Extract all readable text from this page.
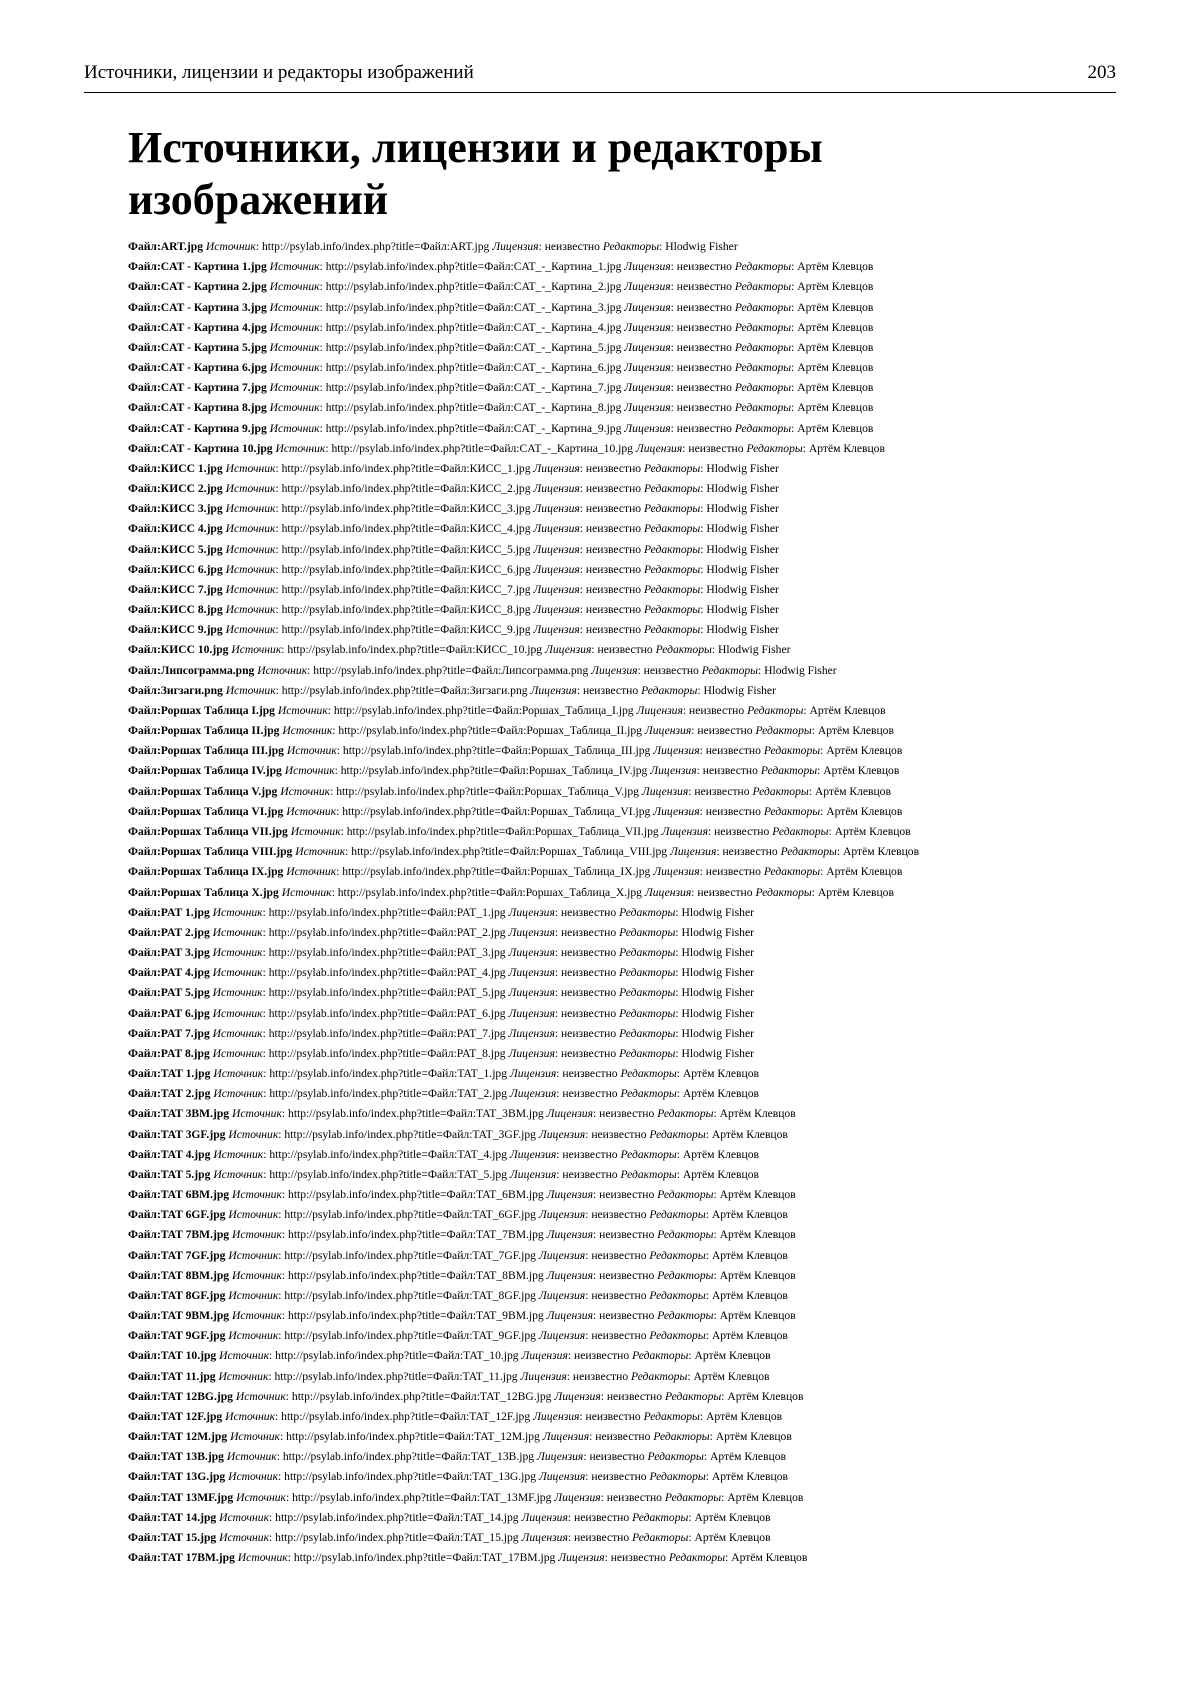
Источники, лицензии и редакторы изображений	203
Источники, лицензии и редакторы изображений
Файл:ART.jpg Источник: http://psylab.info/index.php?title=Файл:ART.jpg Лицензия: неизвестно Редакторы: Hlodwig Fisher
Файл:CAT - Картина 1.jpg Источник: http://psylab.info/index.php?title=Файл:CAT_-_Картина_1.jpg Лицензия: неизвестно Редакторы: Артём Клевцов
Файл:CAT - Картина 2.jpg Источник: http://psylab.info/index.php?title=Файл:CAT_-_Картина_2.jpg Лицензия: неизвестно Редакторы: Артём Клевцов
Файл:CAT - Картина 3.jpg Источник: http://psylab.info/index.php?title=Файл:CAT_-_Картина_3.jpg Лицензия: неизвестно Редакторы: Артём Клевцов
Файл:CAT - Картина 4.jpg Источник: http://psylab.info/index.php?title=Файл:CAT_-_Картина_4.jpg Лицензия: неизвестно Редакторы: Артём Клевцов
Файл:CAT - Картина 5.jpg Источник: http://psylab.info/index.php?title=Файл:CAT_-_Картина_5.jpg Лицензия: неизвестно Редакторы: Артём Клевцов
Файл:CAT - Картина 6.jpg Источник: http://psylab.info/index.php?title=Файл:CAT_-_Картина_6.jpg Лицензия: неизвестно Редакторы: Артём Клевцов
Файл:CAT - Картина 7.jpg Источник: http://psylab.info/index.php?title=Файл:CAT_-_Картина_7.jpg Лицензия: неизвестно Редакторы: Артём Клевцов
Файл:CAT - Картина 8.jpg Источник: http://psylab.info/index.php?title=Файл:CAT_-_Картина_8.jpg Лицензия: неизвестно Редакторы: Артём Клевцов
Файл:CAT - Картина 9.jpg Источник: http://psylab.info/index.php?title=Файл:CAT_-_Картина_9.jpg Лицензия: неизвестно Редакторы: Артём Клевцов
Файл:CAT - Картина 10.jpg Источник: http://psylab.info/index.php?title=Файл:CAT_-_Картина_10.jpg Лицензия: неизвестно Редакторы: Артём Клевцов
Файл:КИСС 1.jpg Источник: http://psylab.info/index.php?title=Файл:КИСС_1.jpg Лицензия: неизвестно Редакторы: Hlodwig Fisher
Файл:КИСС 2.jpg Источник: http://psylab.info/index.php?title=Файл:КИСС_2.jpg Лицензия: неизвестно Редакторы: Hlodwig Fisher
Файл:КИСС 3.jpg Источник: http://psylab.info/index.php?title=Файл:КИСС_3.jpg Лицензия: неизвестно Редакторы: Hlodwig Fisher
Файл:КИСС 4.jpg Источник: http://psylab.info/index.php?title=Файл:КИСС_4.jpg Лицензия: неизвестно Редакторы: Hlodwig Fisher
Файл:КИСС 5.jpg Источник: http://psylab.info/index.php?title=Файл:КИСС_5.jpg Лицензия: неизвестно Редакторы: Hlodwig Fisher
Файл:КИСС 6.jpg Источник: http://psylab.info/index.php?title=Файл:КИСС_6.jpg Лицензия: неизвестно Редакторы: Hlodwig Fisher
Файл:КИСС 7.jpg Источник: http://psylab.info/index.php?title=Файл:КИСС_7.jpg Лицензия: неизвестно Редакторы: Hlodwig Fisher
Файл:КИСС 8.jpg Источник: http://psylab.info/index.php?title=Файл:КИСС_8.jpg Лицензия: неизвестно Редакторы: Hlodwig Fisher
Файл:КИСС 9.jpg Источник: http://psylab.info/index.php?title=Файл:КИСС_9.jpg Лицензия: неизвестно Редакторы: Hlodwig Fisher
Файл:КИСС 10.jpg Источник: http://psylab.info/index.php?title=Файл:КИСС_10.jpg Лицензия: неизвестно Редакторы: Hlodwig Fisher
Файл:Липсограмма.png Источник: http://psylab.info/index.php?title=Файл:Липсограмма.png Лицензия: неизвестно Редакторы: Hlodwig Fisher
Файл:Зигзаги.png Источник: http://psylab.info/index.php?title=Файл:Зигзаги.png Лицензия: неизвестно Редакторы: Hlodwig Fisher
Файл:Роршах Таблица I.jpg Источник: http://psylab.info/index.php?title=Файл:Роршах_Таблица_I.jpg Лицензия: неизвестно Редакторы: Артём Клевцов
Файл:Роршах Таблица II.jpg Источник: http://psylab.info/index.php?title=Файл:Роршах_Таблица_II.jpg Лицензия: неизвестно Редакторы: Артём Клевцов
Файл:Роршах Таблица III.jpg Источник: http://psylab.info/index.php?title=Файл:Роршах_Таблица_III.jpg Лицензия: неизвестно Редакторы: Артём Клевцов
Файл:Роршах Таблица IV.jpg Источник: http://psylab.info/index.php?title=Файл:Роршах_Таблица_IV.jpg Лицензия: неизвестно Редакторы: Артём Клевцов
Файл:Роршах Таблица V.jpg Источник: http://psylab.info/index.php?title=Файл:Роршах_Таблица_V.jpg Лицензия: неизвестно Редакторы: Артём Клевцов
Файл:Роршах Таблица VI.jpg Источник: http://psylab.info/index.php?title=Файл:Роршах_Таблица_VI.jpg Лицензия: неизвестно Редакторы: Артём Клевцов
Файл:Роршах Таблица VII.jpg Источник: http://psylab.info/index.php?title=Файл:Роршах_Таблица_VII.jpg Лицензия: неизвестно Редакторы: Артём Клевцов
Файл:Роршах Таблица VIII.jpg Источник: http://psylab.info/index.php?title=Файл:Роршах_Таблица_VIII.jpg Лицензия: неизвестно Редакторы: Артём Клевцов
Файл:Роршах Таблица IX.jpg Источник: http://psylab.info/index.php?title=Файл:Роршах_Таблица_IX.jpg Лицензия: неизвестно Редакторы: Артём Клевцов
Файл:Роршах Таблица X.jpg Источник: http://psylab.info/index.php?title=Файл:Роршах_Таблица_X.jpg Лицензия: неизвестно Редакторы: Артём Клевцов
Файл:PAT 1.jpg Источник: http://psylab.info/index.php?title=Файл:PAT_1.jpg Лицензия: неизвестно Редакторы: Hlodwig Fisher
Файл:PAT 2.jpg Источник: http://psylab.info/index.php?title=Файл:PAT_2.jpg Лицензия: неизвестно Редакторы: Hlodwig Fisher
Файл:PAT 3.jpg Источник: http://psylab.info/index.php?title=Файл:PAT_3.jpg Лицензия: неизвестно Редакторы: Hlodwig Fisher
Файл:PAT 4.jpg Источник: http://psylab.info/index.php?title=Файл:PAT_4.jpg Лицензия: неизвестно Редакторы: Hlodwig Fisher
Файл:PAT 5.jpg Источник: http://psylab.info/index.php?title=Файл:PAT_5.jpg Лицензия: неизвестно Редакторы: Hlodwig Fisher
Файл:PAT 6.jpg Источник: http://psylab.info/index.php?title=Файл:PAT_6.jpg Лицензия: неизвестно Редакторы: Hlodwig Fisher
Файл:PAT 7.jpg Источник: http://psylab.info/index.php?title=Файл:PAT_7.jpg Лицензия: неизвестно Редакторы: Hlodwig Fisher
Файл:PAT 8.jpg Источник: http://psylab.info/index.php?title=Файл:PAT_8.jpg Лицензия: неизвестно Редакторы: Hlodwig Fisher
Файл:TAT 1.jpg Источник: http://psylab.info/index.php?title=Файл:TAT_1.jpg Лицензия: неизвестно Редакторы: Артём Клевцов
Файл:TAT 2.jpg Источник: http://psylab.info/index.php?title=Файл:TAT_2.jpg Лицензия: неизвестно Редакторы: Артём Клевцов
Файл:TAT 3BM.jpg Источник: http://psylab.info/index.php?title=Файл:TAT_3BM.jpg Лицензия: неизвестно Редакторы: Артём Клевцов
Файл:TAT 3GF.jpg Источник: http://psylab.info/index.php?title=Файл:TAT_3GF.jpg Лицензия: неизвестно Редакторы: Артём Клевцов
Файл:TAT 4.jpg Источник: http://psylab.info/index.php?title=Файл:TAT_4.jpg Лицензия: неизвестно Редакторы: Артём Клевцов
Файл:TAT 5.jpg Источник: http://psylab.info/index.php?title=Файл:TAT_5.jpg Лицензия: неизвестно Редакторы: Артём Клевцов
Файл:TAT 6BM.jpg Источник: http://psylab.info/index.php?title=Файл:TAT_6BM.jpg Лицензия: неизвестно Редакторы: Артём Клевцов
Файл:TAT 6GF.jpg Источник: http://psylab.info/index.php?title=Файл:TAT_6GF.jpg Лицензия: неизвестно Редакторы: Артём Клевцов
Файл:TAT 7BM.jpg Источник: http://psylab.info/index.php?title=Файл:TAT_7BM.jpg Лицензия: неизвестно Редакторы: Артём Клевцов
Файл:TAT 7GF.jpg Источник: http://psylab.info/index.php?title=Файл:TAT_7GF.jpg Лицензия: неизвестно Редакторы: Артём Клевцов
Файл:TAT 8BM.jpg Источник: http://psylab.info/index.php?title=Файл:TAT_8BM.jpg Лицензия: неизвестно Редакторы: Артём Клевцов
Файл:TAT 8GF.jpg Источник: http://psylab.info/index.php?title=Файл:TAT_8GF.jpg Лицензия: неизвестно Редакторы: Артём Клевцов
Файл:TAT 9BM.jpg Источник: http://psylab.info/index.php?title=Файл:TAT_9BM.jpg Лицензия: неизвестно Редакторы: Артём Клевцов
Файл:TAT 9GF.jpg Источник: http://psylab.info/index.php?title=Файл:TAT_9GF.jpg Лицензия: неизвестно Редакторы: Артём Клевцов
Файл:TAT 10.jpg Источник: http://psylab.info/index.php?title=Файл:TAT_10.jpg Лицензия: неизвестно Редакторы: Артём Клевцов
Файл:TAT 11.jpg Источник: http://psylab.info/index.php?title=Файл:TAT_11.jpg Лицензия: неизвестно Редакторы: Артём Клевцов
Файл:TAT 12BG.jpg Источник: http://psylab.info/index.php?title=Файл:TAT_12BG.jpg Лицензия: неизвестно Редакторы: Артём Клевцов
Файл:TAT 12F.jpg Источник: http://psylab.info/index.php?title=Файл:TAT_12F.jpg Лицензия: неизвестно Редакторы: Артём Клевцов
Файл:TAT 12M.jpg Источник: http://psylab.info/index.php?title=Файл:TAT_12M.jpg Лицензия: неизвестно Редакторы: Артём Клевцов
Файл:TAT 13B.jpg Источник: http://psylab.info/index.php?title=Файл:TAT_13B.jpg Лицензия: неизвестно Редакторы: Артём Клевцов
Файл:TAT 13G.jpg Источник: http://psylab.info/index.php?title=Файл:TAT_13G.jpg Лицензия: неизвестно Редакторы: Артём Клевцов
Файл:TAT 13MF.jpg Источник: http://psylab.info/index.php?title=Файл:TAT_13MF.jpg Лицензия: неизвестно Редакторы: Артём Клевцов
Файл:TAT 14.jpg Источник: http://psylab.info/index.php?title=Файл:TAT_14.jpg Лицензия: неизвестно Редакторы: Артём Клевцов
Файл:TAT 15.jpg Источник: http://psylab.info/index.php?title=Файл:TAT_15.jpg Лицензия: неизвестно Редакторы: Артём Клевцов
Файл:TAT 17BM.jpg Источник: http://psylab.info/index.php?title=Файл:TAT_17BM.jpg Лицензия: неизвестно Редакторы: Артём Клевцов
